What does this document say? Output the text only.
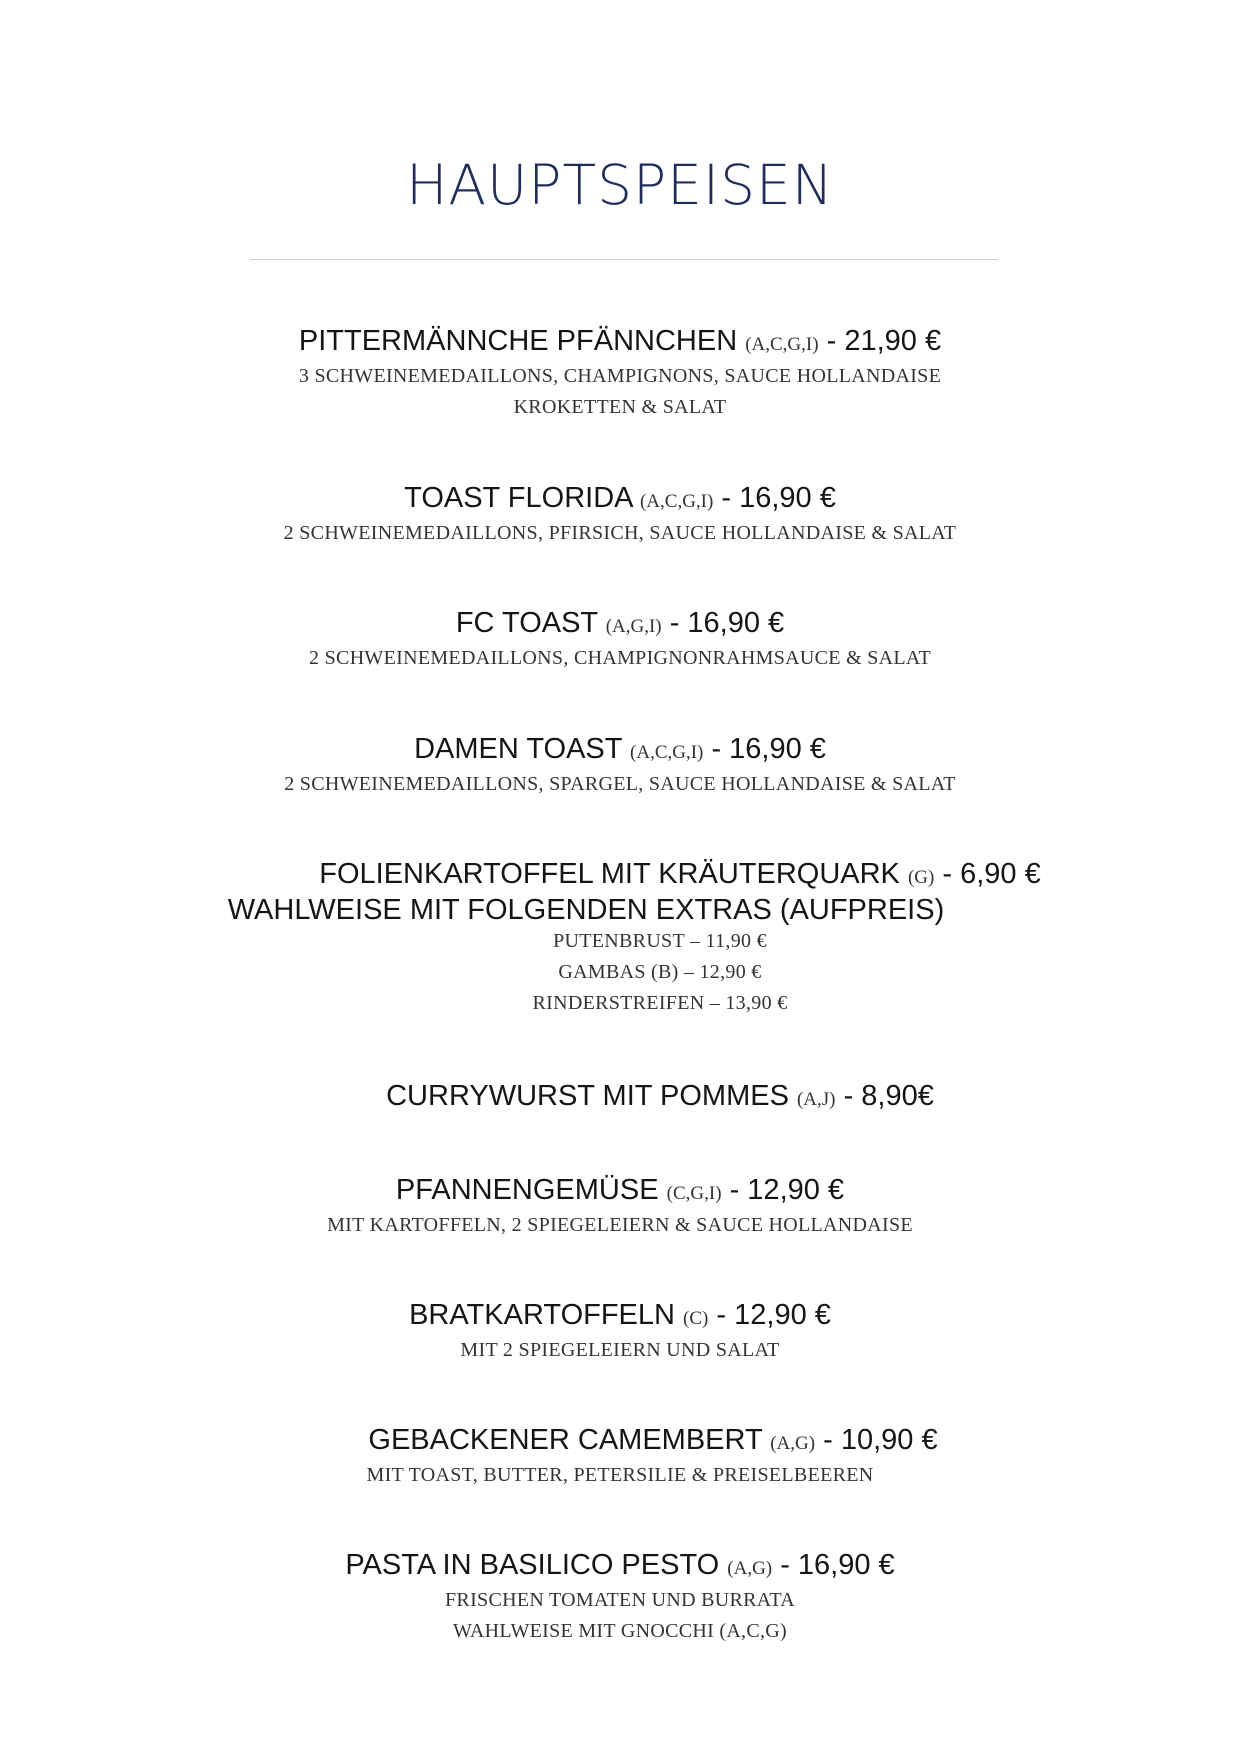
HAUPTSPEISEN
PITTERMÄNNCHE PFÄNNCHEN (A,C,G,I) - 21,90 €
3 SCHWEINEMEDAILLONS, CHAMPIGNONS, SAUCE HOLLANDAISE
KROKETTEN & SALAT
TOAST FLORIDA (A,C,G,I) - 16,90 €
2 SCHWEINEMEDAILLONS, PFIRSICH, SAUCE HOLLANDAISE & SALAT
FC TOAST (A,G,I) - 16,90 €
2 SCHWEINEMEDAILLONS, CHAMPIGNONRAHMSAUCE & SALAT
DAMEN TOAST (A,C,G,I) - 16,90 €
2 SCHWEINEMEDAILLONS, SPARGEL, SAUCE HOLLANDAISE & SALAT
FOLIENKARTOFFEL MIT KRÄUTERQUARK (G) - 6,90 €
WAHLWEISE MIT FOLGENDEN EXTRAS (AUFPREIS)
PUTENBRUST – 11,90 €
GAMBAS (B) – 12,90 €
RINDERSTREIFEN – 13,90 €
CURRYWURST MIT POMMES (A,J) - 8,90€
PFANNENGEMÜSE (C,G,I) - 12,90 €
MIT KARTOFFELN, 2 SPIEGELEIERN & SAUCE HOLLANDAISE
BRATKARTOFFELN (C) - 12,90 €
MIT 2 SPIEGELEIERN UND SALAT
GEBACKENER CAMEMBERT (A,G) - 10,90 €
MIT TOAST, BUTTER, PETERSILIE & PREISELBEEREN
PASTA IN BASILICO PESTO (A,G) - 16,90 €
FRISCHEN TOMATEN UND BURRATA
WAHLWEISE MIT GNOCCHI (A,C,G)
